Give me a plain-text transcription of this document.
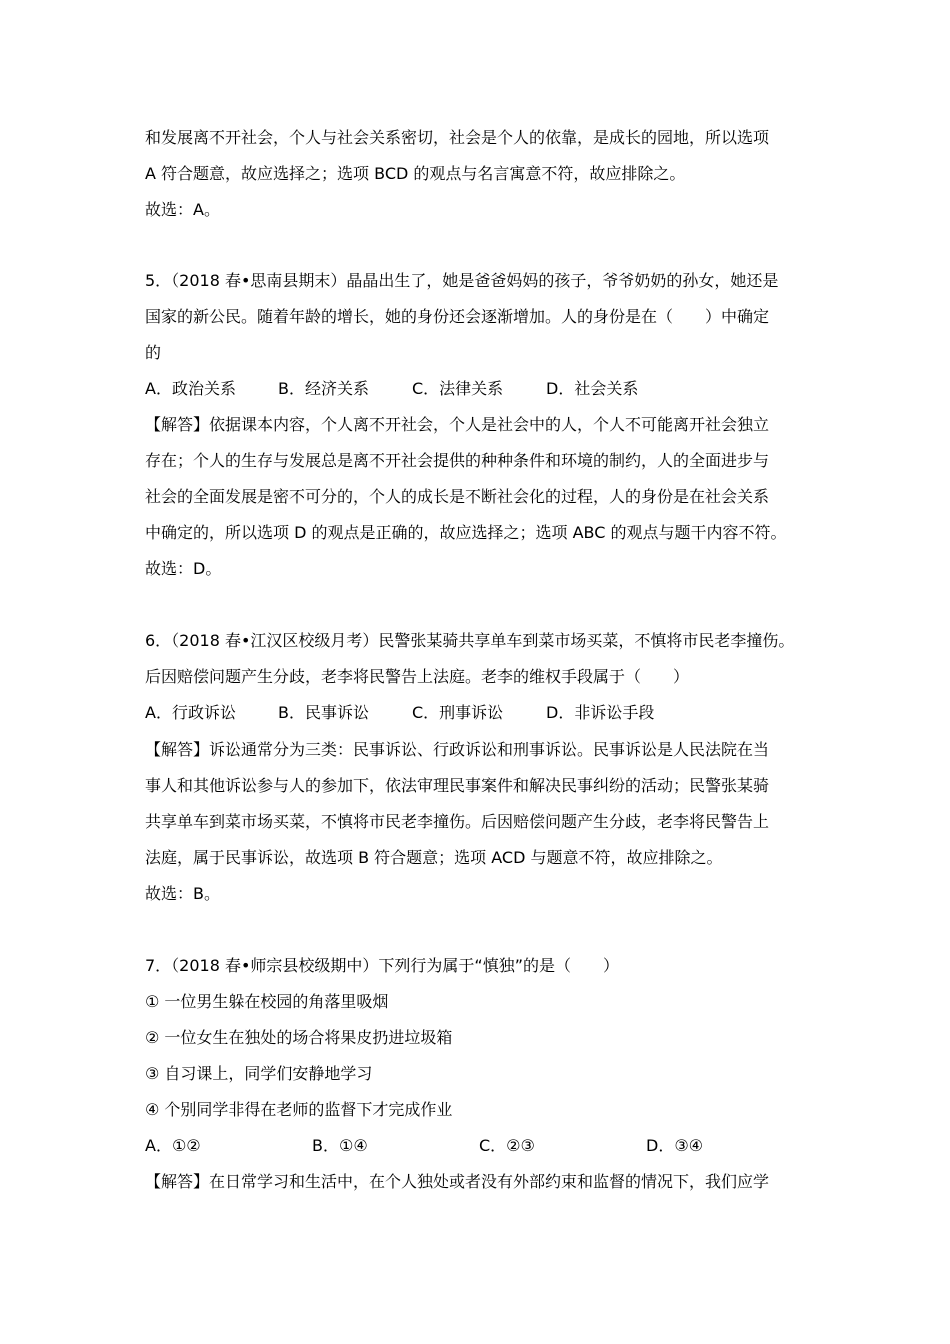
和发展离不开社会，个人与社会关系密切，社会是个人的依靠，是成长的园地，所以选项
A 符合题意，故应选择之；选项 BCD 的观点与名言寓意不符，故应排除之。
故选：A。
5．（2018 春•思南县期末）晶晶出生了，她是爸爸妈妈的孩子，爷爷奶奶的孙女，她还是
国家的新公民。随着年龄的增长，她的身份还会逐渐增加。人的身份是在（　　）中确定
的
A．政治关系	B．经济关系	C．法律关系	D．社会关系
【解答】依据课本内容，个人离不开社会，个人是社会中的人，个人不可能离开社会独立
存在；个人的生存与发展总是离不开社会提供的种种条件和环境的制约，人的全面进步与
社会的全面发展是密不可分的，个人的成长是不断社会化的过程，人的身份是在社会关系
中确定的，所以选项 D 的观点是正确的，故应选择之；选项 ABC 的观点与题干内容不符。
故选：D。
6．（2018 春•江汉区校级月考）民警张某骑共享单车到菜市场买菜，不慎将市民老李撞伤。
后因赔偿问题产生分歧，老李将民警告上法庭。老李的维权手段属于（　　）
A．行政诉讼	B．民事诉讼	C．刑事诉讼	D．非诉讼手段
【解答】诉讼通常分为三类：民事诉讼、行政诉讼和刑事诉讼。民事诉讼是人民法院在当
事人和其他诉讼参与人的参加下，依法审理民事案件和解决民事纠纷的活动；民警张某骑
共享单车到菜市场买菜，不慎将市民老李撞伤。后因赔偿问题产生分歧，老李将民警告上
法庭，属于民事诉讼，故选项 B 符合题意；选项 ACD 与题意不符，故应排除之。
故选：B。
7．（2018 春•师宗县校级期中）下列行为属于“慎独”的是（　　）
① 一位男生躲在校园的角落里吸烟
② 一位女生在独处的场合将果皮扔进垃圾箱
③ 自习课上，同学们安静地学习
④ 个别同学非得在老师的监督下才完成作业
A．①②	B．①④	C．②③	D．③④
【解答】在日常学习和生活中，在个人独处或者没有外部约束和监督的情况下，我们应学
